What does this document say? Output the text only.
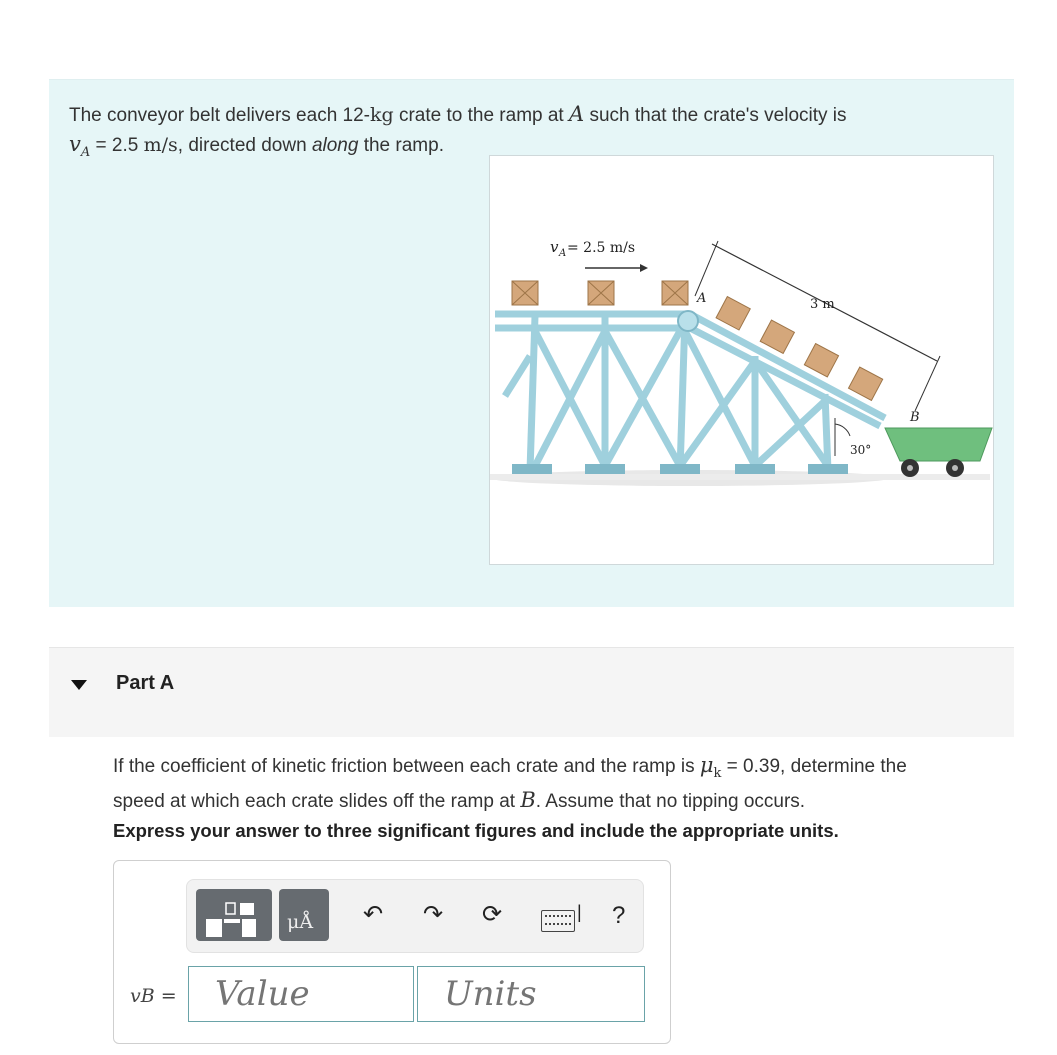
The conveyor belt delivers each 12-kg crate to the ramp at A such that the crate's velocity is
$v_A = 2.5$ m/s, directed down along the ramp.
v A = 2.5 m/s
A
B
3 m
30°
Part A
If the coefficient of kinetic friction between each crate and the ramp is $\mu_k = 0.39$, determine the
speed at which each crate slides off the ramp at B. Assume that no tipping occurs.
Express your answer to three significant figures and include the appropriate units.
μÅ ↶ ↷ ⟳	| ?
vB =
Value
Units
